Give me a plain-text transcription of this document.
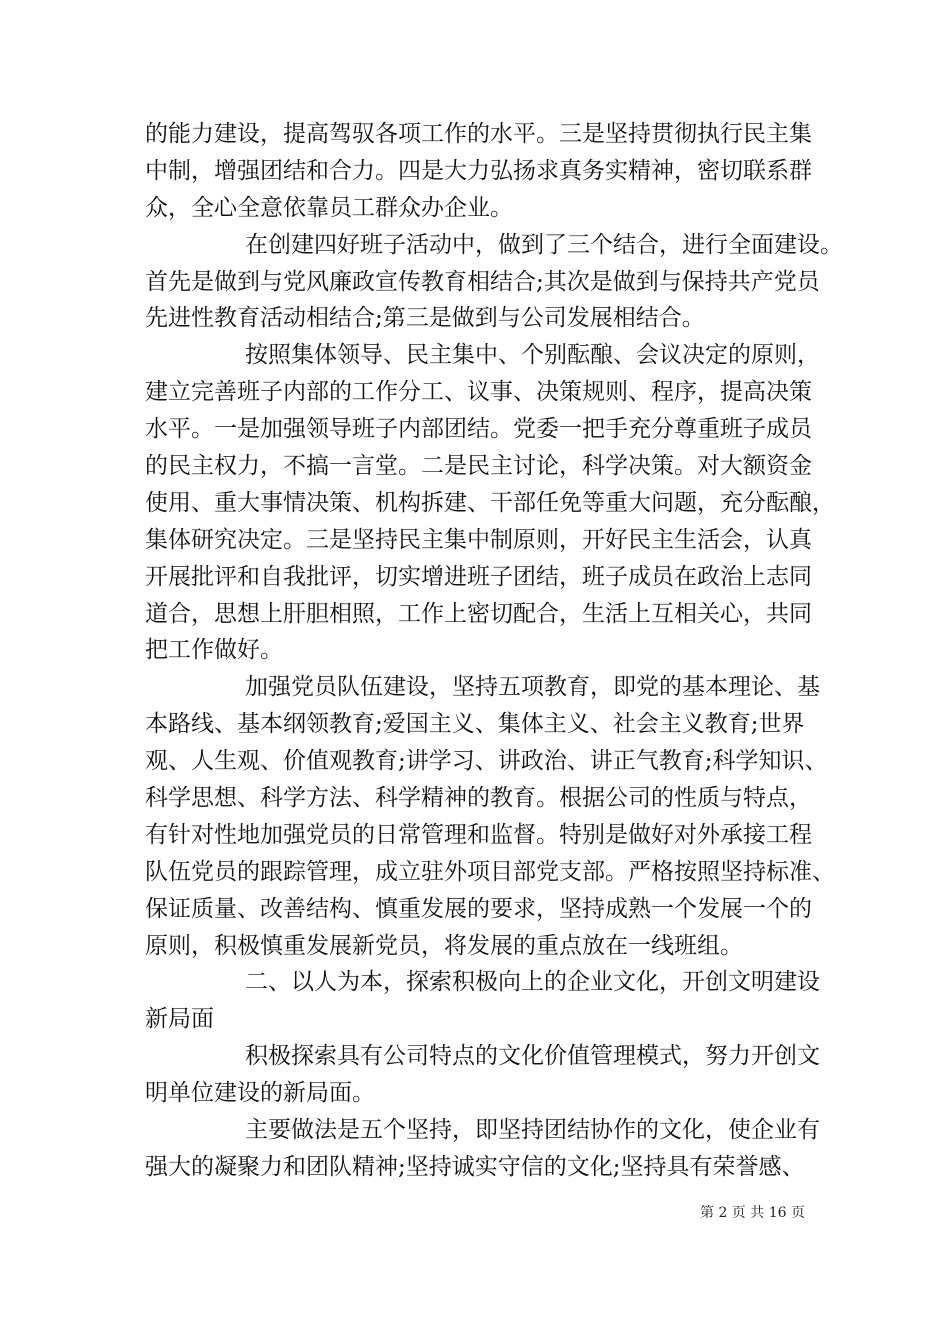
的能力建设，提高驾驭各项工作的水平。三是坚持贯彻执行民主集
中制，增强团结和合力。四是大力弘扬求真务实精神，密切联系群
众，全心全意依靠员工群众办企业。
在创建四好班子活动中，做到了三个结合，进行全面建设。
首先是做到与党风廉政宣传教育相结合;其次是做到与保持共产党员
先进性教育活动相结合;第三是做到与公司发展相结合。
按照集体领导、民主集中、个别酝酿、会议决定的原则，
建立完善班子内部的工作分工、议事、决策规则、程序，提高决策
水平。一是加强领导班子内部团结。党委一把手充分尊重班子成员
的民主权力，不搞一言堂。二是民主讨论，科学决策。对大额资金
使用、重大事情决策、机构拆建、干部任免等重大问题，充分酝酿，
集体研究决定。三是坚持民主集中制原则，开好民主生活会，认真
开展批评和自我批评，切实增进班子团结，班子成员在政治上志同
道合，思想上肝胆相照，工作上密切配合，生活上互相关心，共同
把工作做好。
加强党员队伍建设，坚持五项教育，即党的基本理论、基
本路线、基本纲领教育;爱国主义、集体主义、社会主义教育;世界
观、人生观、价值观教育;讲学习、讲政治、讲正气教育;科学知识、
科学思想、科学方法、科学精神的教育。根据公司的性质与特点，
有针对性地加强党员的日常管理和监督。特别是做好对外承接工程
队伍党员的跟踪管理，成立驻外项目部党支部。严格按照坚持标准、
保证质量、改善结构、慎重发展的要求，坚持成熟一个发展一个的
原则，积极慎重发展新党员，将发展的重点放在一线班组。
二、以人为本，探索积极向上的企业文化，开创文明建设
新局面
积极探索具有公司特点的文化价值管理模式，努力开创文
明单位建设的新局面。
主要做法是五个坚持，即坚持团结协作的文化，使企业有
强大的凝聚力和团队精神;坚持诚实守信的文化;坚持具有荣誉感、
第 2 页 共 16 页
